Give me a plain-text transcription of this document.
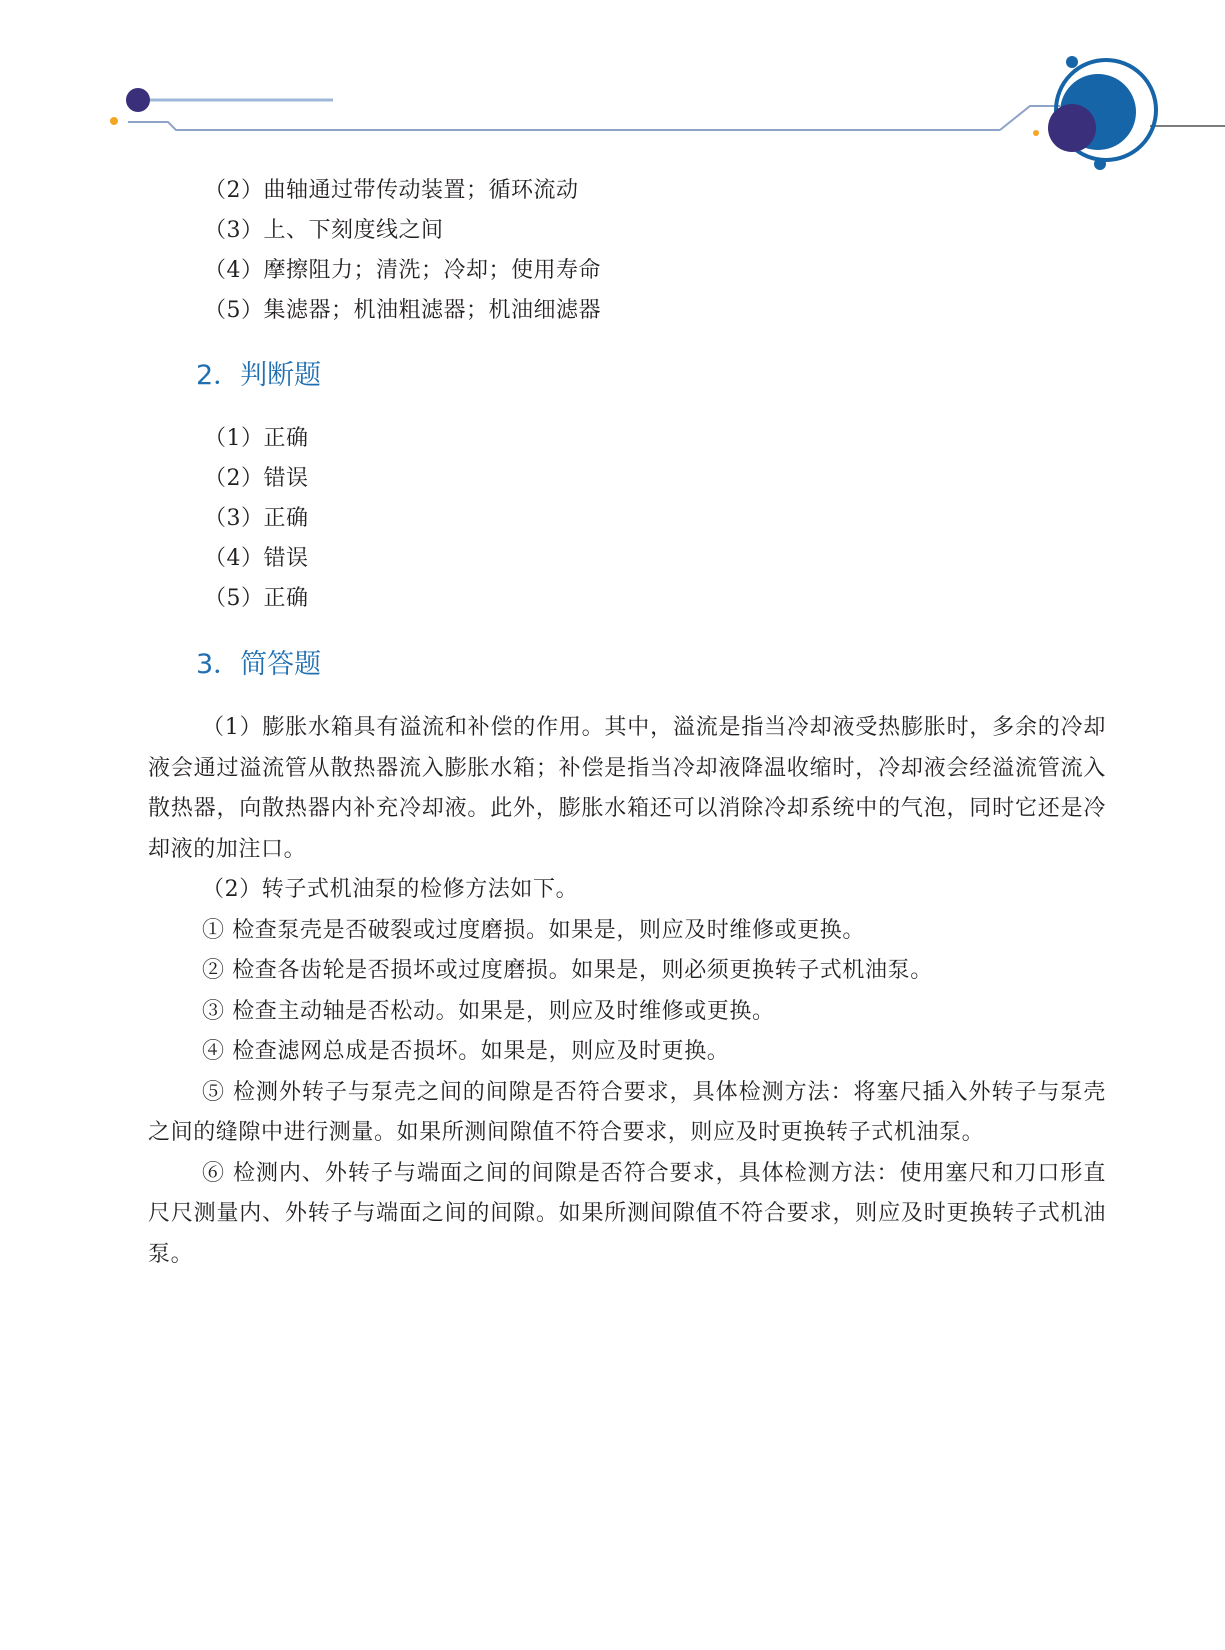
（2）曲轴通过带传动装置；循环流动
（3）上、下刻度线之间
（4）摩擦阻力；清洗；冷却；使用寿命
（5）集滤器；机油粗滤器；机油细滤器
2．判断题
（1）正确
（2）错误
（3）正确
（4）错误
（5）正确
3．简答题
（1）膨胀水箱具有溢流和补偿的作用。其中，溢流是指当冷却液受热膨胀时，多余的冷却液会通过溢流管从散热器流入膨胀水箱；补偿是指当冷却液降温收缩时，冷却液会经溢流管流入散热器，向散热器内补充冷却液。此外，膨胀水箱还可以消除冷却系统中的气泡，同时它还是冷却液的加注口。
（2）转子式机油泵的检修方法如下。
① 检查泵壳是否破裂或过度磨损。如果是，则应及时维修或更换。
② 检查各齿轮是否损坏或过度磨损。如果是，则必须更换转子式机油泵。
③ 检查主动轴是否松动。如果是，则应及时维修或更换。
④ 检查滤网总成是否损坏。如果是，则应及时更换。
⑤ 检测外转子与泵壳之间的间隙是否符合要求，具体检测方法：将塞尺插入外转子与泵壳之间的缝隙中进行测量。如果所测间隙值不符合要求，则应及时更换转子式机油泵。
⑥ 检测内、外转子与端面之间的间隙是否符合要求，具体检测方法：使用塞尺和刀口形直尺尺测量内、外转子与端面之间的间隙。如果所测间隙值不符合要求，则应及时更换转子式机油泵。
